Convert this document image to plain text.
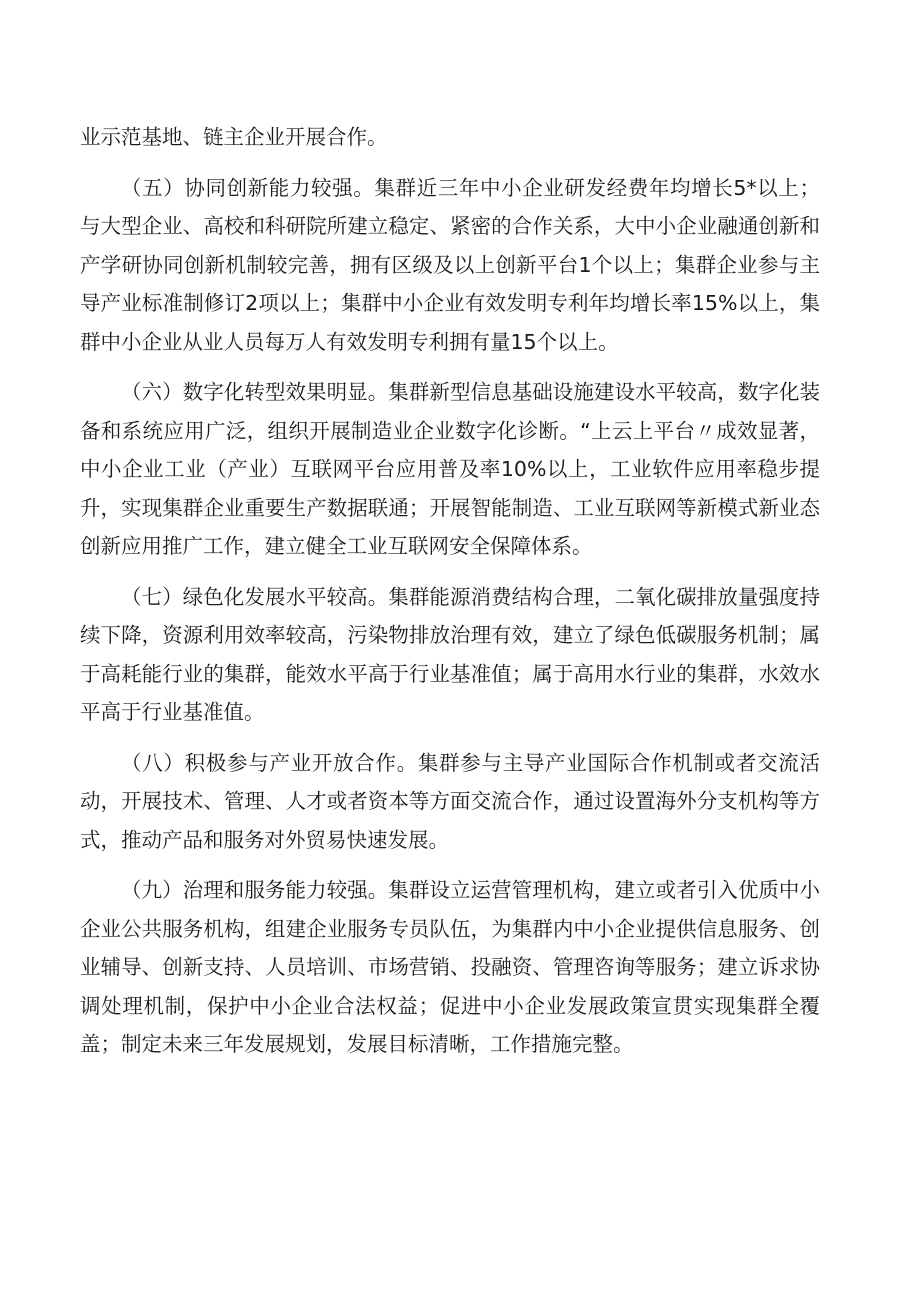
业示范基地、链主企业开展合作。

（五）协同创新能力较强。集群近三年中小企业研发经费年均增长5*以上；与大型企业、高校和科研院所建立稳定、紧密的合作关系，大中小企业融通创新和产学研协同创新机制较完善，拥有区级及以上创新平台1个以上；集群企业参与主导产业标准制修订2项以上；集群中小企业有效发明专利年均增长率15%以上，集群中小企业从业人员每万人有效发明专利拥有量15个以上。

（六）数字化转型效果明显。集群新型信息基础设施建设水平较高，数字化装备和系统应用广泛，组织开展制造业企业数字化诊断。“上云上平台〃成效显著，中小企业工业（产业）互联网平台应用普及率10%以上，工业软件应用率稳步提升，实现集群企业重要生产数据联通；开展智能制造、工业互联网等新模式新业态创新应用推广工作，建立健全工业互联网安全保障体系。

（七）绿色化发展水平较高。集群能源消费结构合理，二氧化碳排放量强度持续下降，资源利用效率较高，污染物排放治理有效，建立了绿色低碳服务机制；属于高耗能行业的集群，能效水平高于行业基准值；属于高用水行业的集群，水效水平高于行业基准值。

（八）积极参与产业开放合作。集群参与主导产业国际合作机制或者交流活动，开展技术、管理、人才或者资本等方面交流合作，通过设置海外分支机构等方式，推动产品和服务对外贸易快速发展。

（九）治理和服务能力较强。集群设立运营管理机构，建立或者引入优质中小企业公共服务机构，组建企业服务专员队伍，为集群内中小企业提供信息服务、创业辅导、创新支持、人员培训、市场营销、投融资、管理咨询等服务；建立诉求协调处理机制，保护中小企业合法权益；促进中小企业发展政策宣贯实现集群全覆盖；制定未来三年发展规划，发展目标清晰，工作措施完整。
